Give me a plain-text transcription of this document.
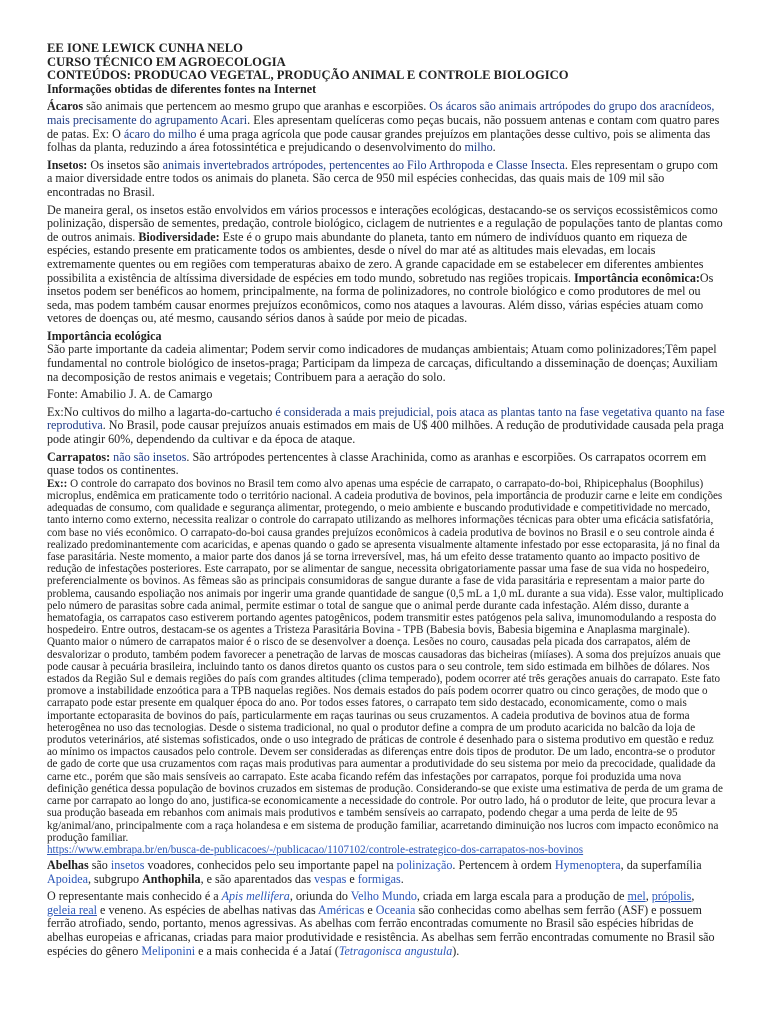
EE IONE LEWICK CUNHA NELO
CURSO TÉCNICO EM AGROECOLOGIA
CONTEÚDOS: PRODUCAO VEGETAL, PRODUÇÃO ANIMAL E CONTROLE BIOLOGICO
Informações obtidas de diferentes fontes na Internet

Ácaros são animais que pertencem ao mesmo grupo que aranhas e escorpiões. Os ácaros são animais artrópodes do grupo dos aracnídeos, mais precisamente do agrupamento Acari. Eles apresentam quelíceras como peças bucais, não possuem antenas e contam com quatro pares de patas. Ex: O ácaro do milho é uma praga agrícola que pode causar grandes prejuízos em plantações desse cultivo, pois se alimenta das folhas da planta, reduzindo a área fotossintética e prejudicando o desenvolvimento do milho.

Insetos: Os insetos são animais invertebrados artrópodes, pertencentes ao Filo Arthropoda e Classe Insecta. Eles representam o grupo com a maior diversidade entre todos os animais do planeta. São cerca de 950 mil espécies conhecidas, das quais mais de 109 mil são encontradas no Brasil.

De maneira geral, os insetos estão envolvidos em vários processos e interações ecológicas, destacando-se os serviços ecossistêmicos como polinização, dispersão de sementes, predação, controle biológico, ciclagem de nutrientes e a regulação de populações tanto de plantas como de outros animais. Biodiversidade: Este é o grupo mais abundante do planeta, tanto em número de indivíduos quanto em riqueza de espécies, estando presente em praticamente todos os ambientes, desde o nível do mar até as altitudes mais elevadas, em locais extremamente quentes ou em regiões com temperaturas abaixo de zero. A grande capacidade em se estabelecer em diferentes ambientes possibilita a existência de altíssima diversidade de espécies em todo mundo, sobretudo nas regiões tropicais. Importância econômica:Os insetos podem ser benéficos ao homem, principalmente, na forma de polinizadores, no controle biológico e como produtores de mel ou seda, mas podem também causar enormes prejuízos econômicos, como nos ataques a lavouras. Além disso, várias espécies atuam como vetores de doenças ou, até mesmo, causando sérios danos à saúde por meio de picadas.

Importância ecológica

São parte importante da cadeia alimentar; Podem servir como indicadores de mudanças ambientais; Atuam como polinizadores;Têm papel fundamental no controle biológico de insetos-praga; Participam da limpeza de carcaças, dificultando a disseminação de doenças; Auxiliam na decomposição de restos animais e vegetais; Contribuem para a aeração do solo.

Fonte: Amabilio J. A. de Camargo

Ex:No cultivos do milho a lagarta-do-cartucho é considerada a mais prejudicial, pois ataca as plantas tanto na fase vegetativa quanto na fase reprodutiva. No Brasil, pode causar prejuízos anuais estimados em mais de U$ 400 milhões. A redução de produtividade causada pela praga pode atingir 60%, dependendo da cultivar e da época de ataque.

Carrapatos: não são insetos. São artrópodes pertencentes à classe Arachinida, como as aranhas e escorpiões. Os carrapatos ocorrem em quase todos os continentes.

Ex:: O controle do carrapato dos bovinos no Brasil tem como alvo apenas uma espécie de carrapato, o carrapato-do-boi, Rhipicephalus (Boophilus) microplus, endêmica em praticamente todo o território nacional. A cadeia produtiva de bovinos, pela importância de produzir carne e leite em condições adequadas de consumo, com qualidade e segurança alimentar, protegendo, o meio ambiente e buscando produtividade e competitividade no mercado, tanto interno como externo, necessita realizar o controle do carrapato utilizando as melhores informações técnicas para obter uma eficácia satisfatória, com base no viés econômico. O carrapato-do-boi causa grandes prejuízos econômicos à cadeia produtiva de bovinos no Brasil e o seu controle ainda é realizado predominantemente com acaricidas, e apenas quando o gado se apresenta visualmente altamente infestado por esse ectoparasita, já no final da fase parasitária. Neste momento, a maior parte dos danos já se torna irreversível, mas, há um efeito desse tratamento quanto ao impacto positivo de redução de infestações posteriores. Este carrapato, por se alimentar de sangue, necessita obrigatoriamente passar uma fase de sua vida no hospedeiro, preferencialmente os bovinos. As fêmeas são as principais consumidoras de sangue durante a fase de vida parasitária e representam a maior parte do problema, causando espoliação nos animais por ingerir uma grande quantidade de sangue (0,5 mL a 1,0 mL durante a sua vida). Esse valor, multiplicado pelo número de parasitas sobre cada animal, permite estimar o total de sangue que o animal perde durante cada infestação. Além disso, durante a hematofagia, os carrapatos caso estiverem portando agentes patogênicos, podem transmitir estes patógenos pela saliva, imunomodulando a resposta do hospedeiro. Entre outros, destacam-se os agentes a Tristeza Parasitária Bovina - TPB (Babesia bovis, Babesia bigemina e Anaplasma marginale). Quanto maior o número de carrapatos maior é o risco de se desenvolver a doença. Lesões no couro, causadas pela picada dos carrapatos, além de desvalorizar o produto, também podem favorecer a penetração de larvas de moscas causadoras das bicheiras (miíases). A soma dos prejuízos anuais que pode causar à pecuária brasileira, incluindo tanto os danos diretos quanto os custos para o seu controle, tem sido estimada em bilhões de dólares. Nos estados da Região Sul e demais regiões do país com grandes altitudes (clima temperado), podem ocorrer até três gerações anuais do carrapato. Este fato promove a instabilidade enzoótica para a TPB naquelas regiões. Nos demais estados do país podem ocorrer quatro ou cinco gerações, de modo que o carrapato pode estar presente em qualquer época do ano. Por todos esses fatores, o carrapato tem sido destacado, economicamente, como o mais importante ectoparasita de bovinos do país, particularmente em raças taurinas ou seus cruzamentos. A cadeia produtiva de bovinos atua de forma heterogênea no uso das tecnologias. Desde o sistema tradicional, no qual o produtor define a compra de um produto acaricida no balcão da loja de produtos veterinários, até sistemas sofisticados, onde o uso integrado de práticas de controle é desenhado para o sistema produtivo em questão e reduz ao mínimo os impactos causados pelo controle. Devem ser consideradas as diferenças entre dois tipos de produtor. De um lado, encontra-se o produtor de gado de corte que usa cruzamentos com raças mais produtivas para aumentar a produtividade do seu sistema por meio da precocidade, qualidade da carne etc., porém que são mais sensíveis ao carrapato. Este acaba ficando refém das infestações por carrapatos, porque foi produzida uma nova definição genética dessa população de bovinos cruzados em sistemas de produção. Considerando-se que existe uma estimativa de perda de um grama de carne por carrapato ao longo do ano, justifica-se economicamente a necessidade do controle. Por outro lado, há o produtor de leite, que procura levar a sua produção baseada em rebanhos com animais mais produtivos e também sensíveis ao carrapato, podendo chegar a uma perda de leite de 95 kg/animal/ano, principalmente com a raça holandesa e em sistema de produção familiar, acarretando diminuição nos lucros com impacto econômico na produção familiar.

https://www.embrapa.br/en/busca-de-publicacoes/-/publicacao/1107102/controle-estrategico-dos-carrapatos-nos-bovinos

Abelhas são insetos voadores, conhecidos pelo seu importante papel na polinização. Pertencem à ordem Hymenoptera, da superfamília Apoidea, subgrupo Anthophila, e são aparentados das vespas e formigas.

O representante mais conhecido é a Apis mellifera, oriunda do Velho Mundo, criada em larga escala para a produção de mel, própolis, geleia real e veneno. As espécies de abelhas nativas das Américas e Oceania são conhecidas como abelhas sem ferrão (ASF) e possuem ferrão atrofiado, sendo, portanto, menos agressivas. As abelhas com ferrão encontradas comumente no Brasil são espécies híbridas de abelhas europeias e africanas, criadas para maior produtividade e resistência. As abelhas sem ferrão encontradas comumente no Brasil são espécies do gênero Meliponini e a mais conhecida é a Jataí (Tetragonisca angustula).
